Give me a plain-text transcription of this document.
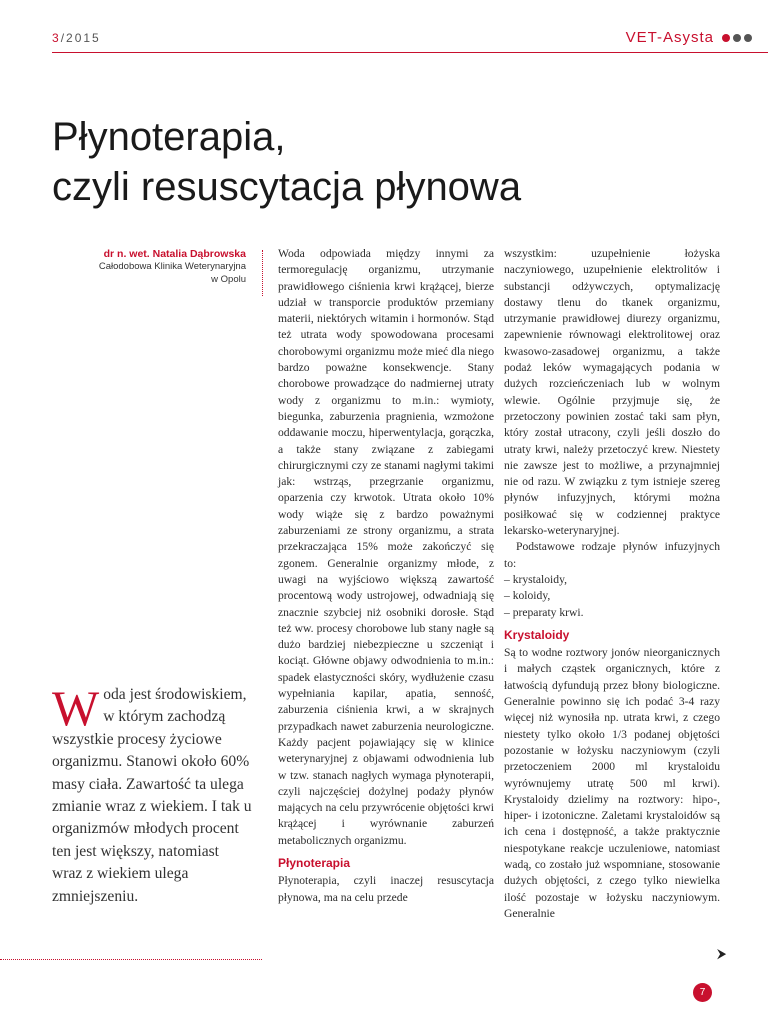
3/2015	VET-Asysta
Płynoterapia,
czyli resuscytacja płynowa
dr n. wet. Natalia Dąbrowska
Całodobowa Klinika Weterynaryjna
w Opolu

Woda odpowiada między innymi za termoregulację organizmu, utrzymanie prawidłowego ciśnienia krwi krążącej, bierze udział w transporcie produktów przemiany materii, niektórych witamin i hormonów. Stąd też utrata wody spowodowana procesami chorobowymi organizmu może mieć dla niego bardzo poważne konsekwencje. Stany chorobowe prowadzące do nadmiernej utraty wody z organizmu to m.in.: wymioty, biegunka, zaburzenia pragnienia, wzmożone oddawanie moczu, hiperwentylacja, gorączka, a także stany związane z zabiegami chirurgicznymi czy ze stanami nagłymi takimi jak: wstrząs, przegrzanie organizmu, oparzenia czy krwotok. Utrata około 10% wody wiąże się z bardzo poważnymi zaburzeniami ze strony organizmu, a strata przekraczająca 15% może zakończyć się zgonem. Generalnie organizmy młode, z uwagi na wyjściowo większą zawartość procentową wody ustrojowej, odwadniają się znacznie szybciej niż osobniki dorosłe. Stąd też ww. procesy chorobowe lub stany nagłe są dużo bardziej niebezpieczne u szczeniąt i kociąt. Główne objawy odwodnienia to m.in.: spadek elastyczności skóry, wydłużenie czasu wypełniania kapilar, apatia, senność, zaburzenia ciśnienia krwi, a w skrajnych przypadkach nawet zaburzenia neurologiczne. Każdy pacjent pojawiający się w klinice weterynaryjnej z objawami odwodnienia lub w tzw. stanach nagłych wymaga płynoterapii, czyli najczęściej dożylnej podaży płynów mających na celu przywrócenie objętości krwi krążącej i wyrównanie zaburzeń metabolicznych organizmu.

Płynoterapia

Płynoterapia, czyli inaczej resuscytacja płynowa, ma na celu przede

wszystkim: uzupełnienie łożyska naczyniowego, uzupełnienie elektrolitów i substancji odżywczych, optymalizację dostawy tlenu do tkanek organizmu, utrzymanie prawidłowej diurezy organizmu, zapewnienie równowagi elektrolitowej oraz kwasowo-zasadowej organizmu, a także podaż leków wymagających podania w dużych rozcieńczeniach lub w wolnym wlewie. Ogólnie przyjmuje się, że przetoczony powinien zostać taki sam płyn, który został utracony, czyli jeśli doszło do utraty krwi, należy przetoczyć krew. Niestety nie zawsze jest to możliwe, a przynajmniej nie od razu. W związku z tym istnieje szereg płynów infuzyjnych, którymi można posiłkować się w codziennej praktyce lekarsko-weterynaryjnej.

Podstawowe rodzaje płynów infuzyjnych to:

– krystaloidy,
– koloidy,
– preparaty krwi.
Krystaloidy

Są to wodne roztwory jonów nieorganicznych i małych cząstek organicznych, które z łatwością dyfundują przez błony biologiczne. Generalnie powinno się ich podać 3-4 razy więcej niż wynosiła np. utrata krwi, z czego niestety tylko około 1/3 podanej objętości pozostanie w łożysku naczyniowym (czyli przetoczeniem 2000 ml krystaloidu wyrównujemy utratę 500 ml krwi). Krystaloidy dzielimy na roztwory: hipo-, hiper- i izotoniczne. Zaletami krystaloidów są ich cena i dostępność, a także praktycznie niespotykane reakcje uczuleniowe, natomiast wadą, co zostało już wspomniane, stosowanie dużych objętości, z czego tylko niewielka ilość pozostaje w łożysku naczyniowym. Generalnie

Woda jest środowiskiem, w którym zachodzą wszystkie procesy życiowe organizmu. Stanowi około 60% masy ciała. Zawartość ta ulega zmianie wraz z wiekiem. I tak u organizmów młodych procent ten jest większy, natomiast wraz z wiekiem ulega zmniejszeniu.
⮞
7
